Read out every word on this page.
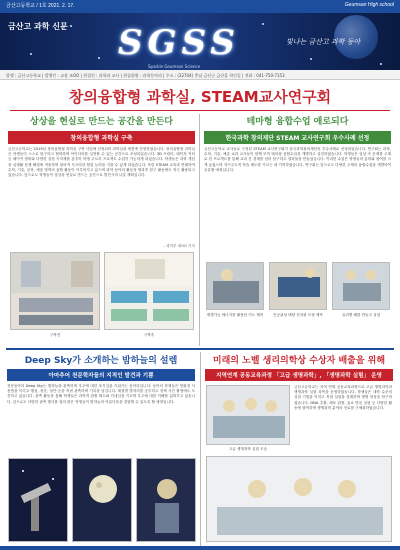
금산고등학교 / 1호 2021. 2. 17.	Geumsan High school
금산고 과학 신문 SGSS
Sparkle Geumsan Science
빛나는 금산고 과학 동아
발행 : 금산고등학교 | 발행인 : 교장 조OO | 편집인 : 과학과 교사 | 편집위원 : 과학동아리 | 주소 : (32704) 충남 금산군 금산읍 학인길 | 전화 : 041-750-7153
창의융합형 과학실, STEAM교사연구회
상상을 현실로 만드는 공간을 만든다
창의융합형 과학실 구축
금산고등학교는 2019년 창의융합형 과학실 구축 사업에 선정되어 과학실을 새롭게 단장하였습니다. 창의융합형 과학실은 학생들이 스스로 탐구하고 협력하며 아이디어를 실현할 수 있는 공간으로 조성되었습니다. 3D 프린터, 레이저 커터 등 메이커 장비와 다양한 실험 기자재를 갖추어 학생 주도의 프로젝트 수업이 가능하게 되었습니다. 학생들은 과학 개념을 실생활 문제 해결에 적용하며 창의적 사고력과 협업 능력을 기를 수 있게 되었습니다. 또한 STEAM 교육과 연계하여 수학, 기술, 공학, 예술 영역의 융합 활동이 이루어지고 있으며 과학 동아리 활동과 방과후 탐구 활동에도 적극 활용되고 있습니다. 앞으로도 학생들이 상상을 현실로 만드는 공간으로 발전시켜 나갈 계획입니다.
- 과학부 최OO 기자
구축전	구축후
테마형 융합수업 애로되다
한국과학 창의재단 STEAM 교사연구회 우수사례 선정
금산고등학교 교사들로 구성된 STEAM 교사연구회가 한국과학창의재단의 우수사례로 선정되었습니다. 연구회는 과학, 수학, 기술, 예술 교과 교사들이 함께 모여 테마형 융합수업을 개발하고 실천하였습니다. 학생들은 일상 속 문제를 주제로 한 프로젝트를 통해 교과 간 경계를 넘어 탐구하고 결과물을 만들었습니다. 이러한 수업은 학생들의 흥미와 참여를 크게 높였으며 자기주도적 학습 태도를 기르는 데 기여하였습니다. 연구회는 앞으로도 다양한 주제의 융합수업을 개발하여 공유할 예정입니다.
재생가능 에너지를 활용한 키트 제작	인공위성 태양 전지판 모형 제작	유리병 배를 만들고 실험
Deep Sky가 소개하는 밤하늘의 설렘
아마추어 천문학자들의 지적인 발견과 기쁨
천문동아리 Deep Sky는 밤하늘을 관측하며 우주에 대한 호기심을 키워가는 동아리입니다. 동아리 학생들은 망원경 사용법을 익히고 행성, 성운, 성단 등을 직접 관측하며 기록을 남깁니다. 계절별 별자리를 공부하고 천체 사진 촬영에도 도전하고 있습니다. 관측 활동을 통해 학생들은 과학적 관찰 태도와 인내심을 기르며 우주에 대한 이해를 넓혀가고 있습니다. 앞으로도 다양한 관측 행사를 열어 많은 학생들이 밤하늘의 아름다움을 경험할 수 있도록 할 예정입니다.
미래의 노벨 생리의학상 수상자 배출을 위해
지역연계 공동교육과정 「고급 생명과학」, 「생명과학 실험」 운영
고급 생명과학 실험 모습
금산고등학교는 지역 연계 공동교육과정으로 고급 생명과학과 생명과학 실험 과목을 운영하였습니다. 학생들은 대학 수준의 실험 기법을 익히고 직접 실험을 설계하며 생명 현상을 탐구하였습니다. DNA 추출, 세포 관찰, 효소 반응 실험 등 다양한 활동에 참여하며 생명과학 분야의 진로를 구체화하였습니다.
